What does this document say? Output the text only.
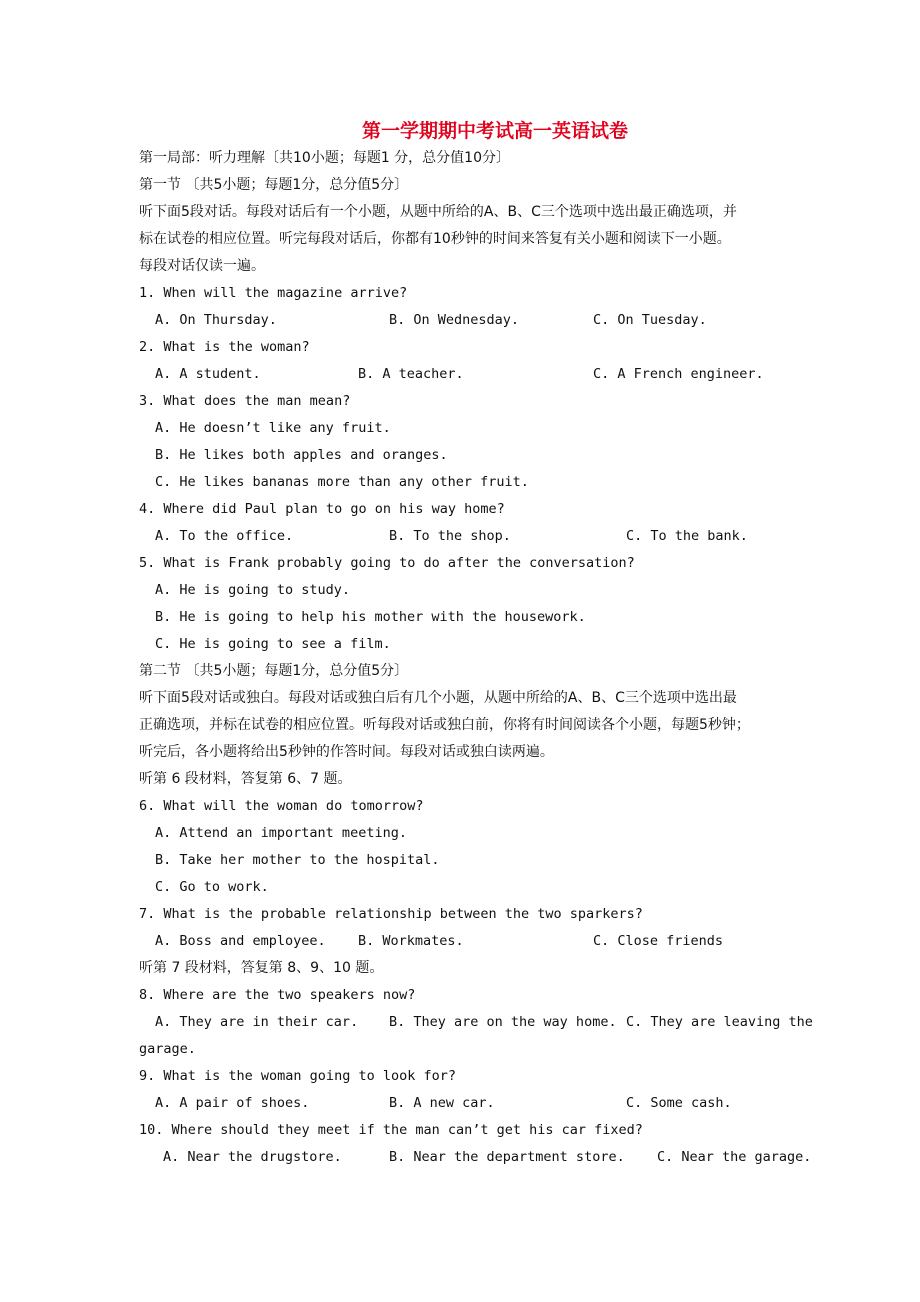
第一学期期中考试高一英语试卷
第一局部：听力理解〔共10小题；每题1 分，总分值10分〕
第一节 〔共5小题；每题1分，总分值5分〕
听下面5段对话。每段对话后有一个小题，从题中所给的A、B、C三个选项中选出最正确选项，并
标在试卷的相应位置。听完每段对话后，你都有10秒钟的时间来答复有关小题和阅读下一小题。
每段对话仅读一遍。
1. When will the magazine arrive?
A. On Thursday.	B. On Wednesday.	C. On Tuesday.
2. What is the woman?
A. A student.	B. A teacher.	C. A French engineer.
3. What does the man mean?
A. He doesn’t like any fruit.
B. He likes both apples and oranges.
C. He likes bananas more than any other fruit.
4. Where did Paul plan to go on his way home?
A. To the office.	B. To the shop.	C. To the bank.
5. What is Frank probably going to do after the conversation?
A. He is going to study.
B. He is going to help his mother with the housework.
C. He is going to see a film.
第二节 〔共5小题；每题1分，总分值5分〕
听下面5段对话或独白。每段对话或独白后有几个小题，从题中所给的A、B、C三个选项中选出最
正确选项，并标在试卷的相应位置。听每段对话或独白前，你将有时间阅读各个小题，每题5秒钟；
听完后，各小题将给出5秒钟的作答时间。每段对话或独白读两遍。
听第 6 段材料，答复第 6、7 题。
6. What will the woman do tomorrow?
A. Attend an important meeting.
B. Take her mother to the hospital.
C. Go to work.
7. What is the probable relationship between the two sparkers?
A. Boss and employee. B. Workmates.	C. Close friends
听第 7 段材料，答复第 8、9、10 题。
8. Where are the two speakers now?
A. They are in their car. B. They are on the way home. C. They are leaving the
garage.
9. What is the woman going to look for?
A. A pair of shoes.	B. A new car.	C. Some cash.
10. Where should they meet if the man can’t get his car fixed?
A. Near the drugstore.	B. Near the department store. C. Near the garage.
